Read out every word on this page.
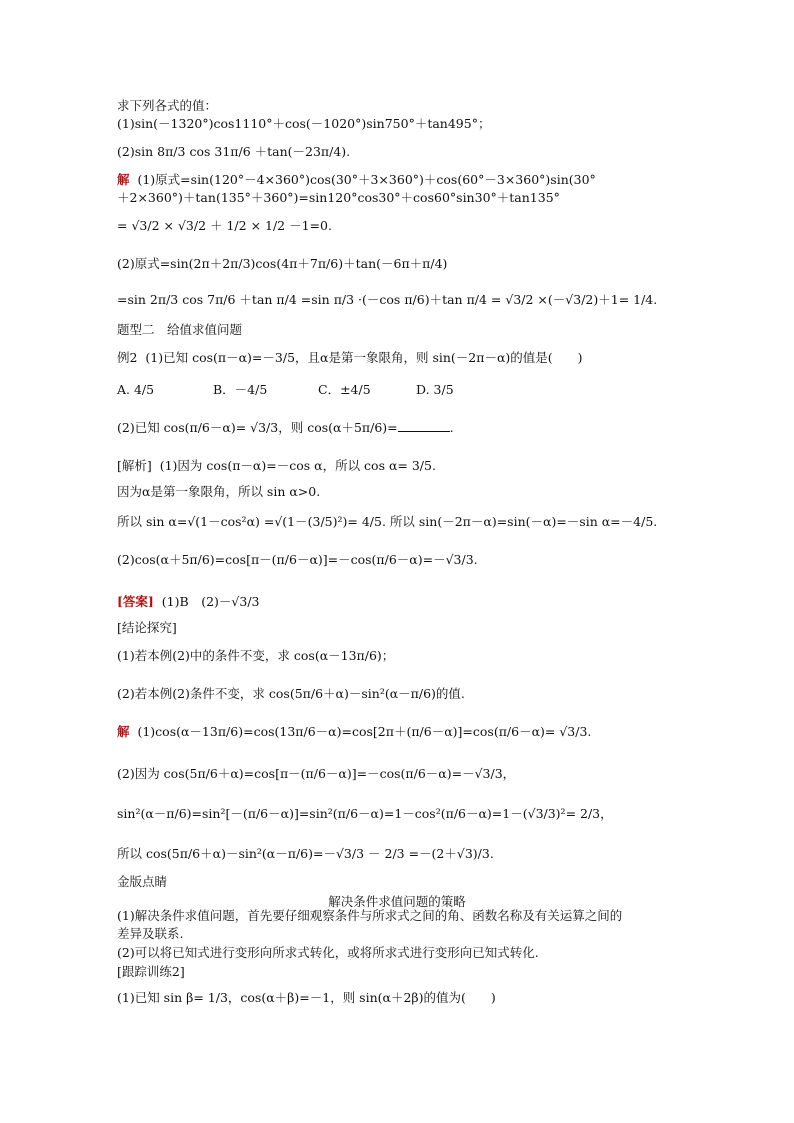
求下列各式的值：
(1)sin(－1320°)cos1110°＋cos(－1020°)sin750°＋tan495°；
(2)sin 8π/3 cos 31π/6 ＋tan(－23π/4).
解 (1)原式=sin(120°－4×360°)cos(30°＋3×360°)＋cos(60°－3×360°)sin(30°
＋2×360°)＋tan(135°＋360°)=sin120°cos30°＋cos60°sin30°＋tan135°
= √3/2 × √3/2 ＋ 1/2 × 1/2 －1=0.
(2)原式=sin(2π＋2π/3)cos(4π＋7π/6)＋tan(－6π＋π/4)
=sin 2π/3 cos 7π/6 ＋tan π/4 =sin π/3 ·(－cos π/6)＋tan π/4 = √3/2 ×(－√3/2)＋1= 1/4.
题型二　给值求值问题
例2 (1)已知 cos(π－α)=－3/5，且α是第一象限角，则 sin(－2π－α)的值是(　　)
A. 4/5	B．－4/5	C．±4/5	D. 3/5
(2)已知 cos(π/6－α)= √3/3，则 cos(α＋5π/6)=	.
[解析] (1)因为 cos(π－α)=－cos α，所以 cos α= 3/5.
因为α是第一象限角，所以 sin α>0.
所以 sin α=√(1－cos²α) =√(1－(3/5)²)= 4/5. 所以 sin(－2π－α)=sin(－α)=－sin α=－4/5.
(2)cos(α＋5π/6)=cos[π－(π/6－α)]=－cos(π/6－α)=－√3/3.
[答案] (1)B　(2)－√3/3
[结论探究]
(1)若本例(2)中的条件不变，求 cos(α－13π/6)；
(2)若本例(2)条件不变，求 cos(5π/6＋α)－sin²(α－π/6)的值.
解 (1)cos(α－13π/6)=cos(13π/6－α)=cos[2π＋(π/6－α)]=cos(π/6－α)= √3/3.
(2)因为 cos(5π/6＋α)=cos[π－(π/6－α)]=－cos(π/6－α)=－√3/3，
sin²(α－π/6)=sin²[－(π/6－α)]=sin²(π/6－α)=1－cos²(π/6－α)=1－(√3/3)²= 2/3，
所以 cos(5π/6＋α)－sin²(α－π/6)=－√3/3 － 2/3 =－(2＋√3)/3.
金版点睛
解决条件求值问题的策略
(1)解决条件求值问题，首先要仔细观察条件与所求式之间的角、函数名称及有关运算之间的
差异及联系.
(2)可以将已知式进行变形向所求式转化，或将所求式进行变形向已知式转化.
[跟踪训练2]
(1)已知 sin β= 1/3，cos(α＋β)=－1，则 sin(α＋2β)的值为(　　)
